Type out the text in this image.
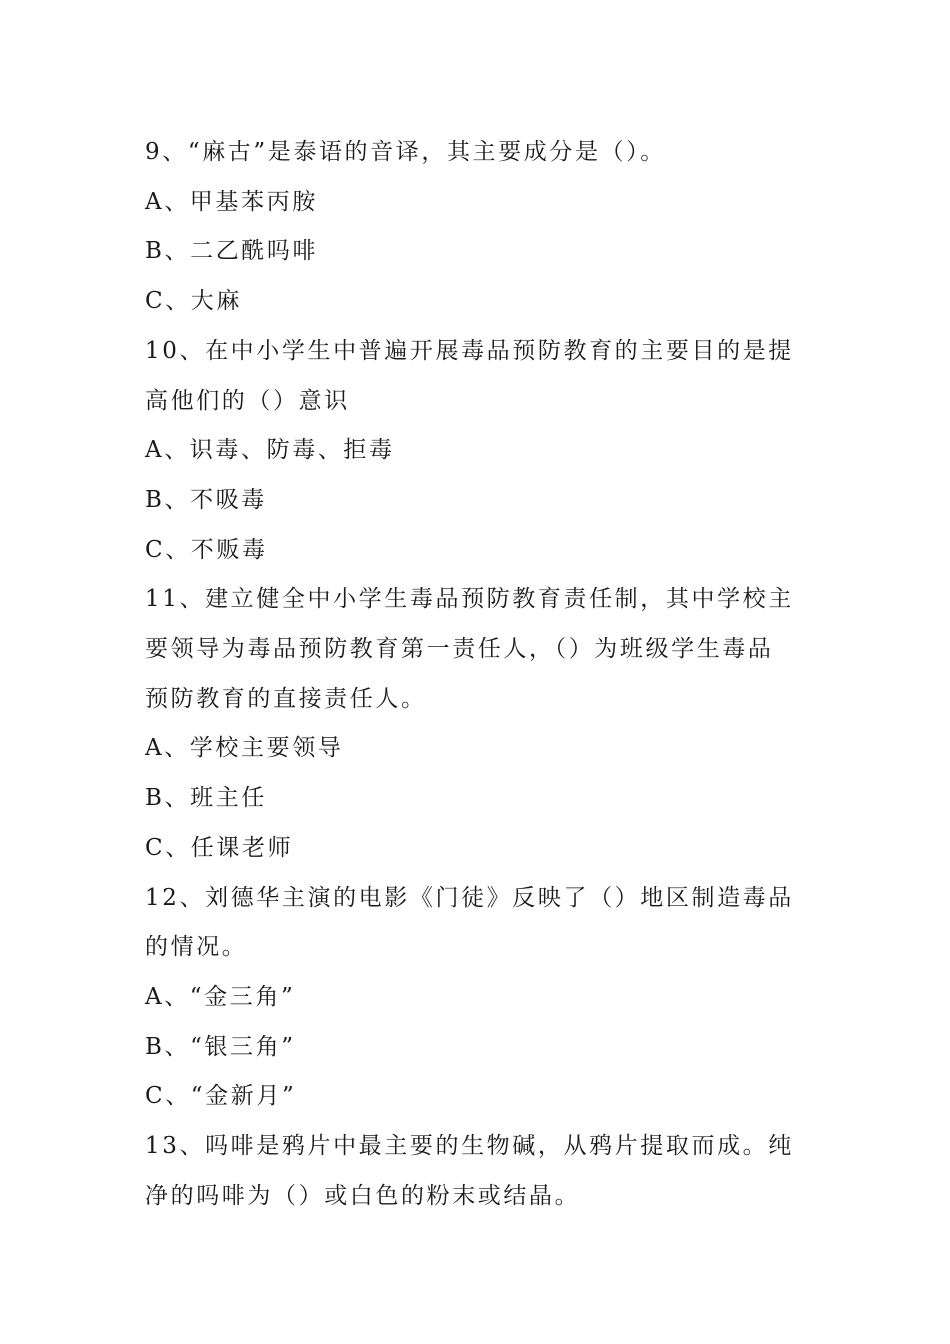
9、“麻古”是泰语的音译，其主要成分是（）。

A、甲基苯丙胺

B、二乙酰吗啡

C、大麻

10、在中小学生中普遍开展毒品预防教育的主要目的是提

高他们的（）意识

A、识毒、防毒、拒毒

B、不吸毒

C、不贩毒

11、建立健全中小学生毒品预防教育责任制，其中学校主

要领导为毒品预防教育第一责任人，（）为班级学生毒品

预防教育的直接责任人。

A、学校主要领导

B、班主任

C、任课老师

12、刘德华主演的电影《门徒》反映了（）地区制造毒品

的情况。

A、“金三角”

B、“银三角”

C、“金新月”

13、吗啡是鸦片中最主要的生物碱，从鸦片提取而成。纯

净的吗啡为（）或白色的粉末或结晶。
